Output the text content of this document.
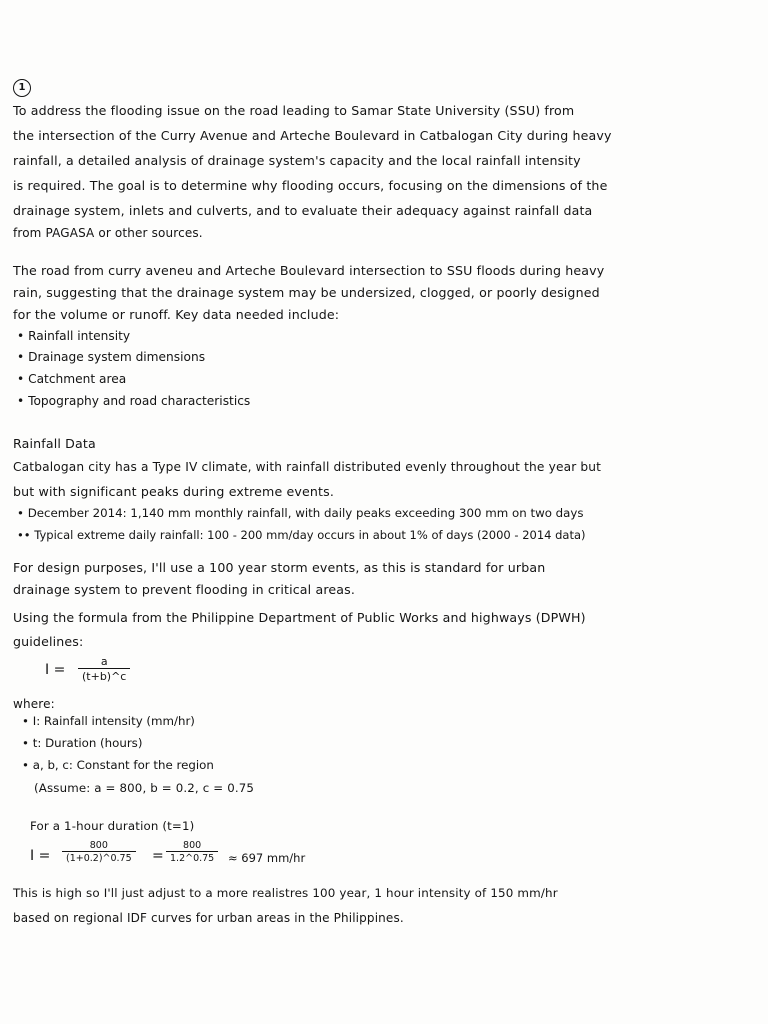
1
To address the flooding issue on the road leading to Samar State University (SSU) from
the intersection of the Curry Avenue and Arteche Boulevard in Catbalogan City during heavy
rainfall, a detailed analysis of drainage system's capacity and the local rainfall intensity
is required. The goal is to determine why flooding occurs, focusing on the dimensions of the
drainage system, inlets and culverts, and to evaluate their adequacy against rainfall data
from PAGASA or other sources.
The road from curry aveneu and Arteche Boulevard intersection to SSU floods during heavy
rain, suggesting that the drainage system may be undersized, clogged, or poorly designed
for the volume or runoff. Key data needed include:
• Rainfall intensity
• Drainage system dimensions
• Catchment area
• Topography and road characteristics
Rainfall Data
Catbalogan city has a Type IV climate, with rainfall distributed evenly throughout the year but
but with significant peaks during extreme events.
• December 2014: 1,140 mm monthly rainfall, with daily peaks exceeding 300 mm on two days
•• Typical extreme daily rainfall: 100 - 200 mm/day occurs in about 1% of days (2000 - 2014 data)
For design purposes, I'll use a 100 year storm events, as this is standard for urban
drainage system to prevent flooding in critical areas.
Using the formula from the Philippine Department of Public Works and highways (DPWH)
guidelines:
$I = \frac{a}{(t+b)\^{}c}$
where:
• I: Rainfall intensity (mm/hr)
• t: Duration (hours)
• a, b, c: Constant for the region
(Assume: a = 800, b = 0.2, c = 0.75
For a 1-hour duration (t=1)
$I = \frac{800}{(1+0.2)\^{}0.75} = \frac{800}{1.2\^{}0.75} \approx 697$ mm/hr
This is high so I'll just adjust to a more realistres 100 year, 1 hour intensity of 150 mm/hr
based on regional IDF curves for urban areas in the Philippines.
